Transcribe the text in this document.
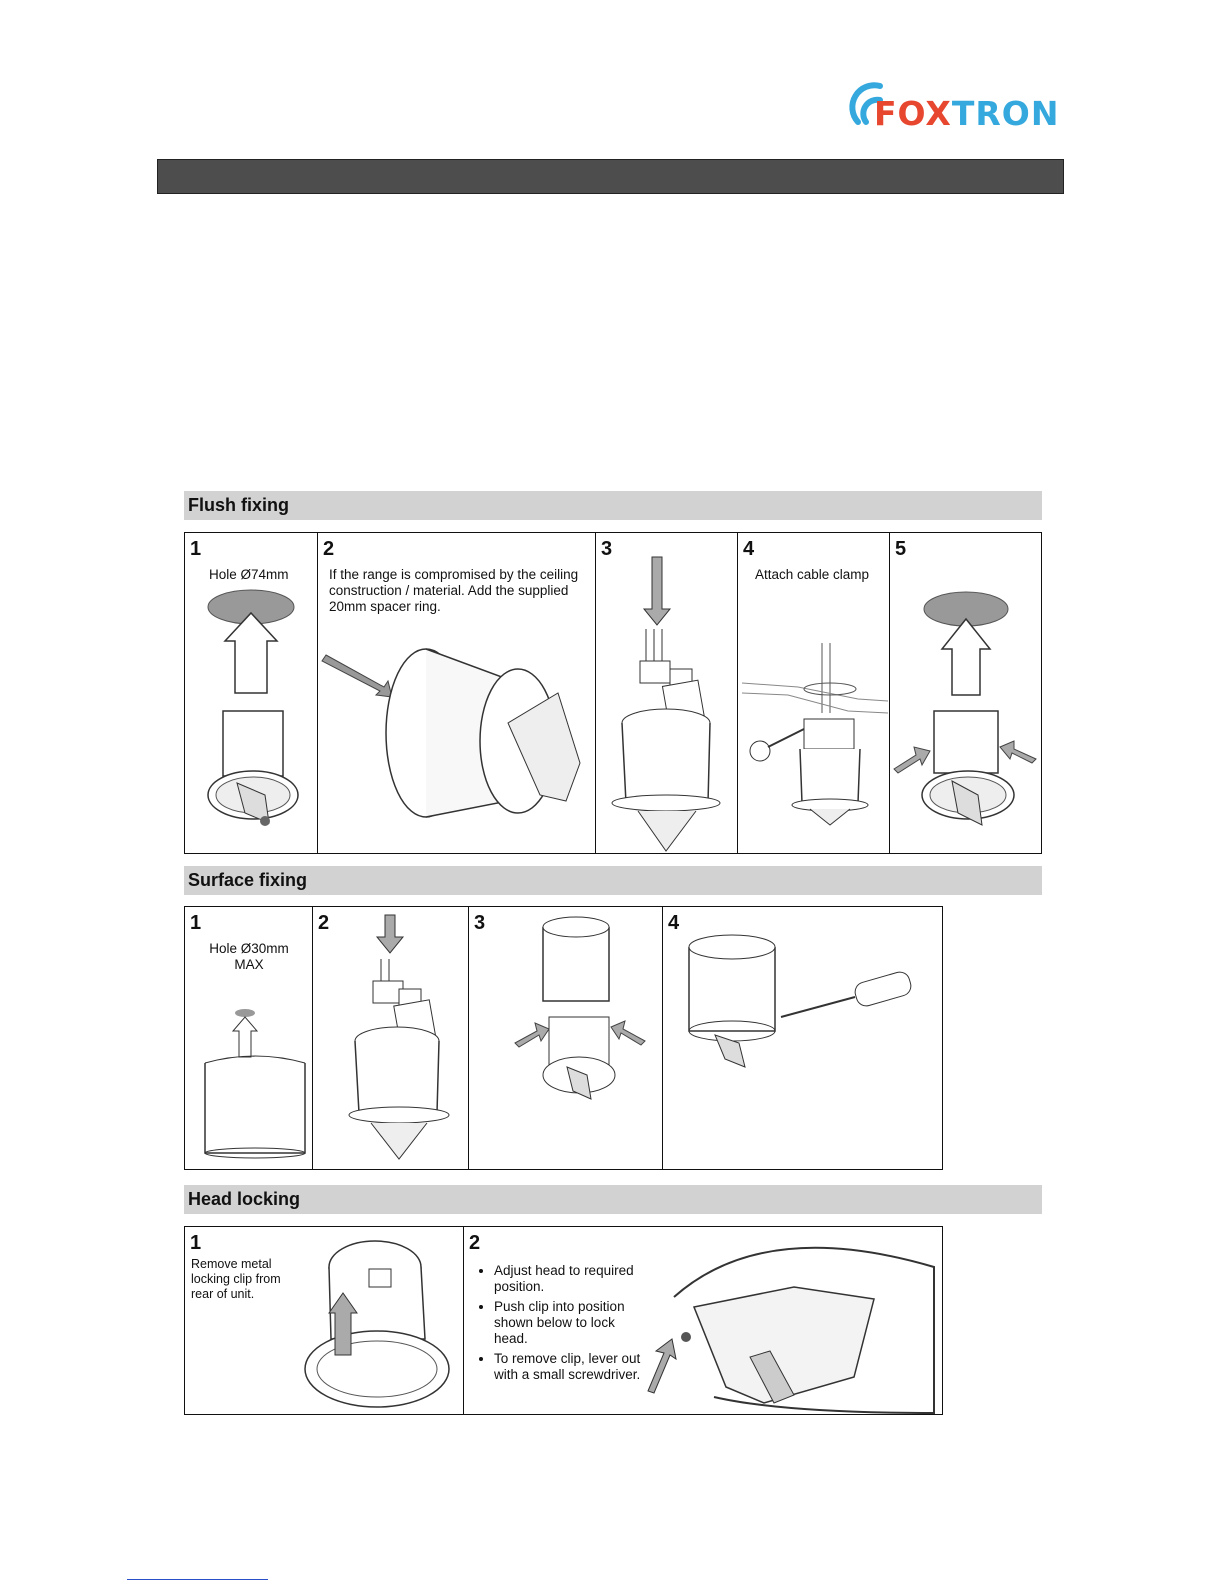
FOXTRON
Flush fixing
1
Hole Ø74mm
2
If the range is compromised by the ceiling construction / material. Add the supplied 20mm spacer ring.
3	4
Attach cable clamp
5
Surface fixing
1
Hole Ø30mm
MAX
2	3	4
Head locking
1
Remove metal locking clip from rear of unit.
2
• Adjust head to required position.
• Push clip into position shown below to lock head.
• To remove clip, lever out with a small screwdriver.
